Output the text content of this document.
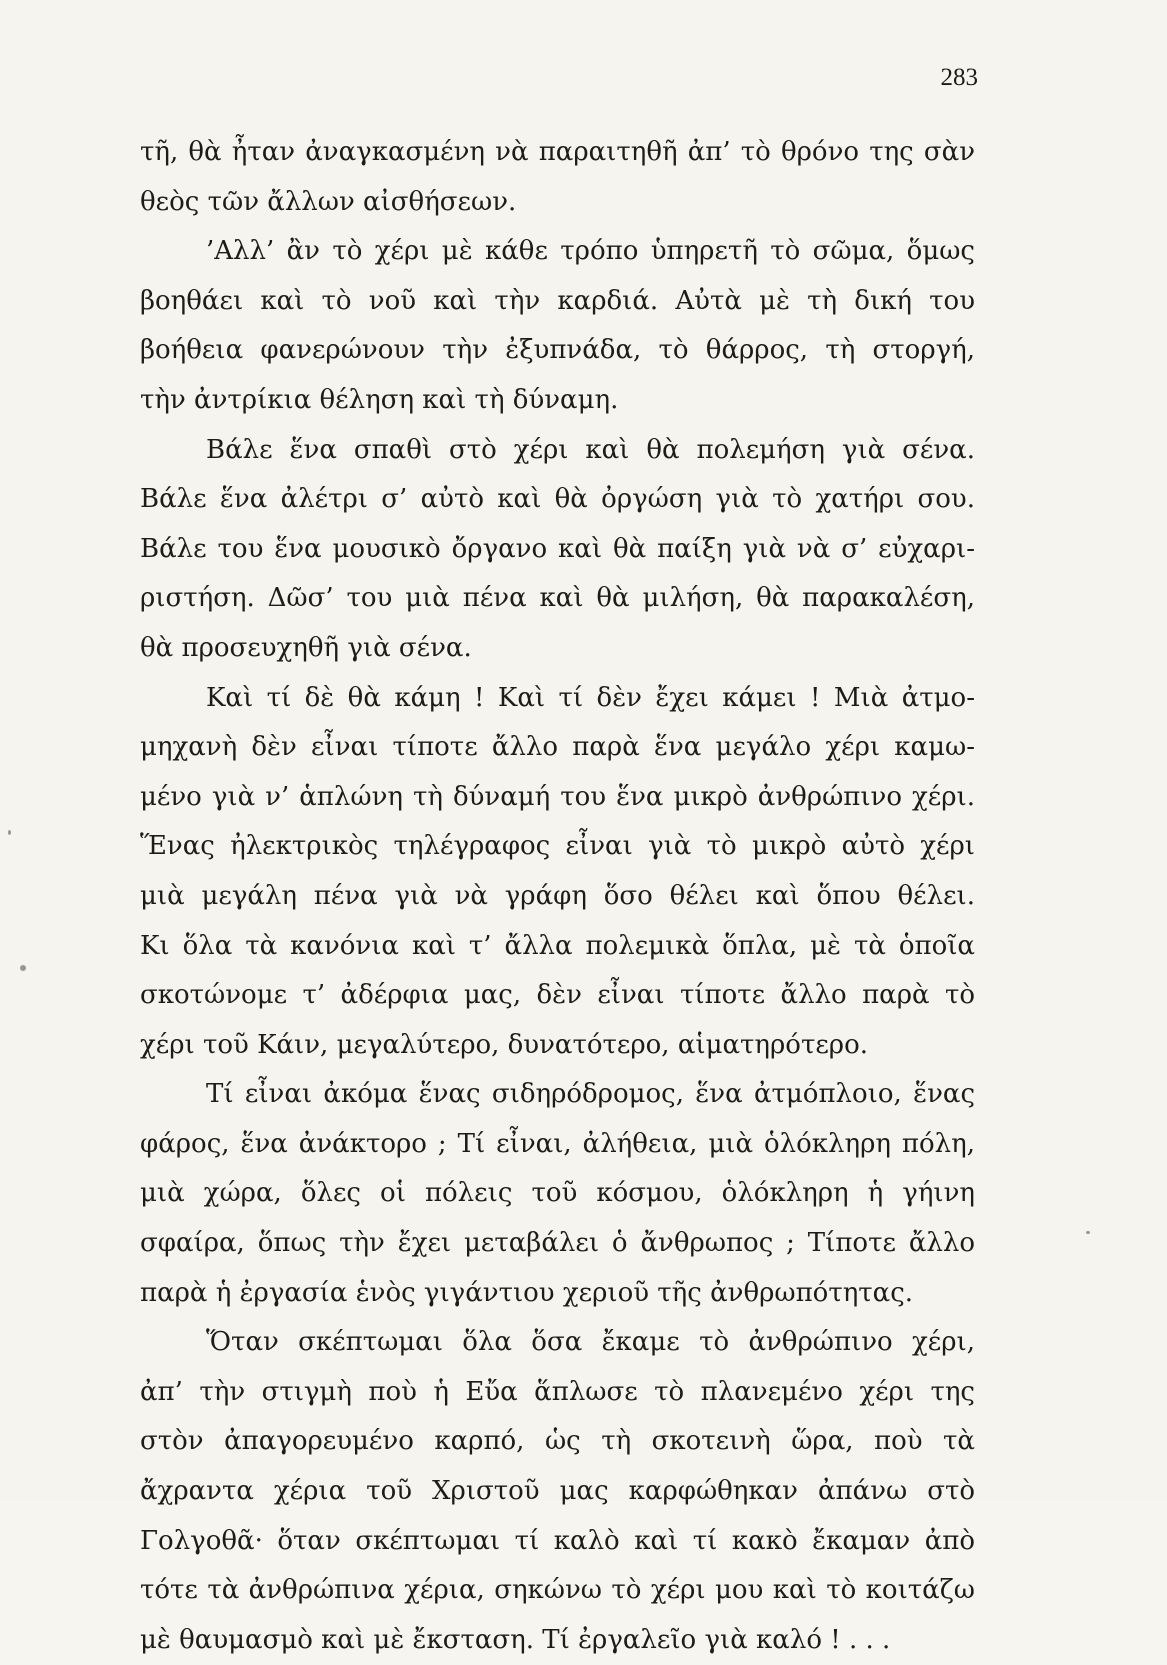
283
τῆ, θὰ ἦταν ἀναγκασμένη νὰ παραιτηθῆ ἀπ’ τὸ θρόνο της σὰν
θεὸς τῶν ἄλλων αἰσθήσεων.
’Αλλ’ ἂν τὸ χέρι μὲ κάθε τρόπο ὑπηρετῆ τὸ σῶμα, ὅμως
βοηθάει καὶ τὸ νοῦ καὶ τὴν καρδιά. Αὐτὰ μὲ τὴ δική του
βοήθεια φανερώνουν τὴν ἐξυπνάδα, τὸ θάρρος, τὴ στοργή,
τὴν ἀντρίκια θέληση καὶ τὴ δύναμη.
Βάλε ἕνα σπαθὶ στὸ χέρι καὶ θὰ πολεμήση γιὰ σένα.
Βάλε ἕνα ἀλέτρι σ’ αὐτὸ καὶ θὰ ὀργώση γιὰ τὸ χατήρι σου.
Βάλε του ἕνα μουσικὸ ὄργανο καὶ θὰ παίξη γιὰ νὰ σ’ εὐχαρι-
ριστήση. Δῶσ’ του μιὰ πένα καὶ θὰ μιλήση, θὰ παρακαλέση,
θὰ προσευχηθῆ γιὰ σένα.
Καὶ τί δὲ θὰ κάμη ! Καὶ τί δὲν ἔχει κάμει ! Μιὰ ἀτμο-
μηχανὴ δὲν εἶναι τίποτε ἄλλο παρὰ ἕνα μεγάλο χέρι καμω-
μένο γιὰ ν’ ἁπλώνη τὴ δύναμή του ἕνα μικρὸ ἀνθρώπινο χέρι.
Ἕνας ἠλεκτρικὸς τηλέγραφος εἶναι γιὰ τὸ μικρὸ αὐτὸ χέρι
μιὰ μεγάλη πένα γιὰ νὰ γράφη ὅσο θέλει καὶ ὅπου θέλει.
Κι ὅλα τὰ κανόνια καὶ τ’ ἄλλα πολεμικὰ ὅπλα, μὲ τὰ ὁποῖα
σκοτώνομε τ’ ἀδέρφια μας, δὲν εἶναι τίποτε ἄλλο παρὰ τὸ
χέρι τοῦ Κάιν, μεγαλύτερο, δυνατότερο, αἱματηρότερο.
Τί εἶναι ἀκόμα ἕνας σιδηρόδρομος, ἕνα ἀτμόπλοιο, ἕνας
φάρος, ἕνα ἀνάκτορο ; Τί εἶναι, ἀλήθεια, μιὰ ὁλόκληρη πόλη,
μιὰ χώρα, ὅλες οἱ πόλεις τοῦ κόσμου, ὁλόκληρη ἡ γήινη
σφαίρα, ὅπως τὴν ἔχει μεταβάλει ὁ ἄνθρωπος ; Τίποτε ἄλλο
παρὰ ἡ ἐργασία ἑνὸς γιγάντιου χεριοῦ τῆς ἀνθρωπότητας.
Ὅταν σκέπτωμαι ὅλα ὅσα ἔκαμε τὸ ἀνθρώπινο χέρι,
ἀπ’ τὴν στιγμὴ ποὺ ἡ Εὔα ἅπλωσε τὸ πλανεμένο χέρι της
στὸν ἀπαγορευμένο καρπό, ὡς τὴ σκοτεινὴ ὥρα, ποὺ τὰ
ἄχραντα χέρια τοῦ Χριστοῦ μας καρφώθηκαν ἀπάνω στὸ
Γολγοθᾶ· ὅταν σκέπτωμαι τί καλὸ καὶ τί κακὸ ἔκαμαν ἀπὸ
τότε τὰ ἀνθρώπινα χέρια, σηκώνω τὸ χέρι μου καὶ τὸ κοιτάζω
μὲ θαυμασμὸ καὶ μὲ ἔκσταση. Τί ἐργαλεῖο γιὰ καλό ! . . .
